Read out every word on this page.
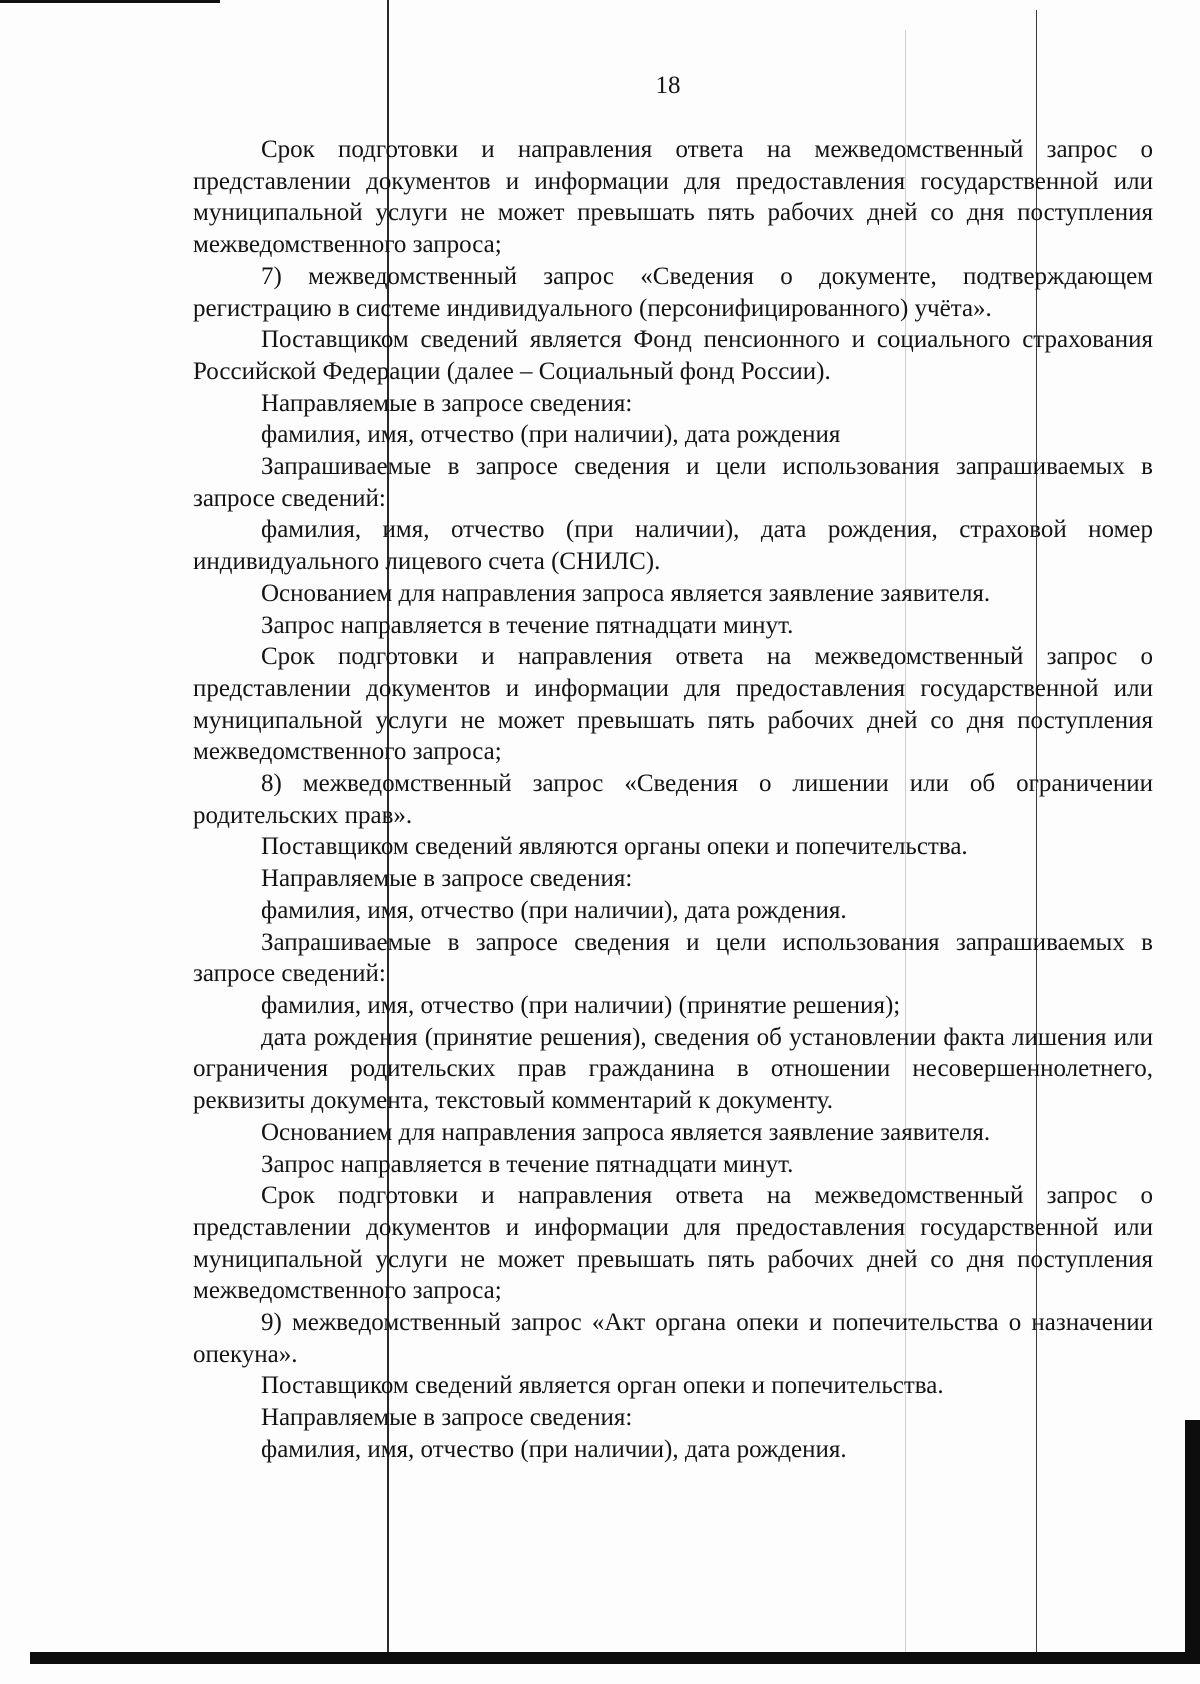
18

Срок подготовки и направления ответа на межведомственный запрос о представлении документов и информации для предоставления государственной или муниципальной услуги не может превышать пять рабочих дней со дня поступления межведомственного запроса;

7) межведомственный запрос «Сведения о документе, подтверждающем регистрацию в системе индивидуального (персонифицированного) учёта».

Поставщиком сведений является Фонд пенсионного и социального страхования Российской Федерации (далее – Социальный фонд России).

Направляемые в запросе сведения:

фамилия, имя, отчество (при наличии), дата рождения

Запрашиваемые в запросе сведения и цели использования запрашиваемых в запросе сведений:

фамилия, имя, отчество (при наличии), дата рождения, страховой номер индивидуального лицевого счета (СНИЛС).

Основанием для направления запроса является заявление заявителя.

Запрос направляется в течение пятнадцати минут.

Срок подготовки и направления ответа на межведомственный запрос о представлении документов и информации для предоставления государственной или муниципальной услуги не может превышать пять рабочих дней со дня поступления межведомственного запроса;

8) межведомственный запрос «Сведения о лишении или об ограничении родительских прав».

Поставщиком сведений являются органы опеки и попечительства.

Направляемые в запросе сведения:

фамилия, имя, отчество (при наличии), дата рождения.

Запрашиваемые в запросе сведения и цели использования запрашиваемых в запросе сведений:

фамилия, имя, отчество (при наличии) (принятие решения);

дата рождения (принятие решения), сведения об установлении факта лишения или ограничения родительских прав гражданина в отношении несовершеннолетнего, реквизиты документа, текстовый комментарий к документу.

Основанием для направления запроса является заявление заявителя.

Запрос направляется в течение пятнадцати минут.

Срок подготовки и направления ответа на межведомственный запрос о представлении документов и информации для предоставления государственной или муниципальной услуги не может превышать пять рабочих дней со дня поступления межведомственного запроса;

9) межведомственный запрос «Акт органа опеки и попечительства о назначении опекуна».

Поставщиком сведений является орган опеки и попечительства.

Направляемые в запросе сведения:

фамилия, имя, отчество (при наличии), дата рождения.
